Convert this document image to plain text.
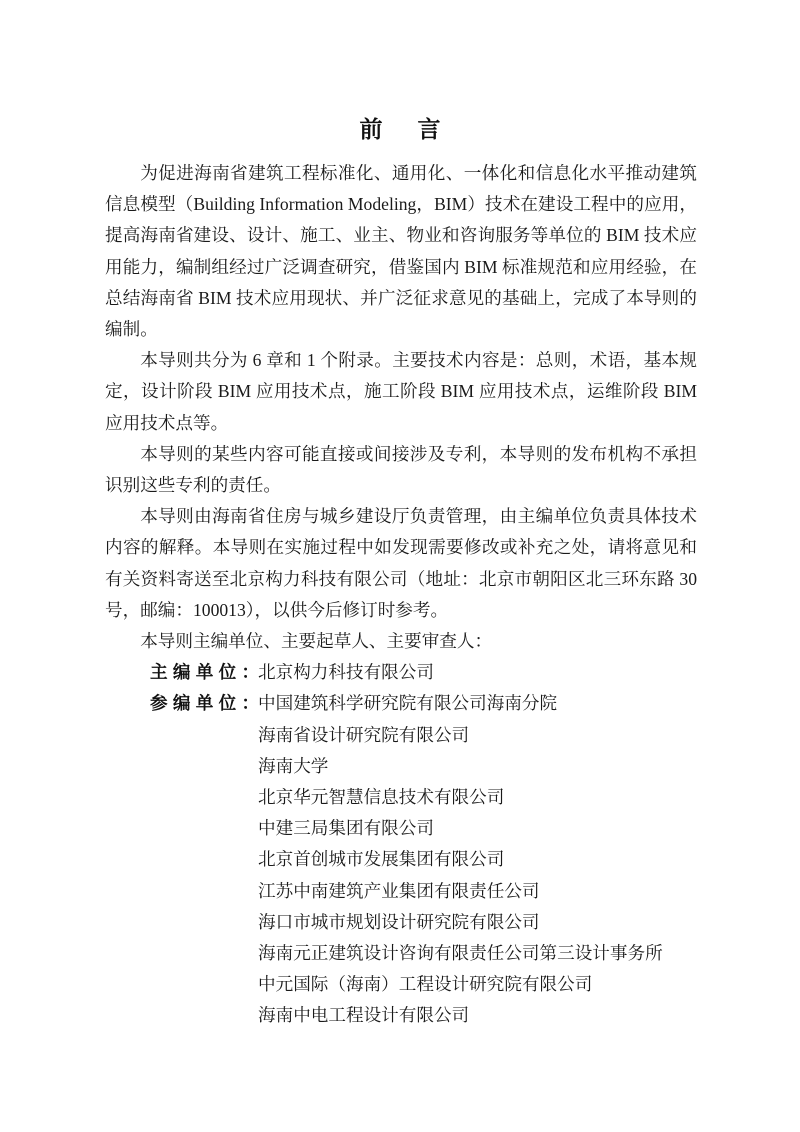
前　言

为促进海南省建筑工程标准化、通用化、一体化和信息化水平推动建筑信息模型（Building Information Modeling，BIM）技术在建设工程中的应用，提高海南省建设、设计、施工、业主、物业和咨询服务等单位的 BIM 技术应用能力，编制组经过广泛调查研究，借鉴国内 BIM 标准规范和应用经验，在总结海南省 BIM 技术应用现状、并广泛征求意见的基础上，完成了本导则的编制。

本导则共分为 6 章和 1 个附录。主要技术内容是：总则，术语，基本规定，设计阶段 BIM 应用技术点，施工阶段 BIM 应用技术点，运维阶段 BIM 应用技术点等。

本导则的某些内容可能直接或间接涉及专利，本导则的发布机构不承担识别这些专利的责任。

本导则由海南省住房与城乡建设厅负责管理，由主编单位负责具体技术内容的解释。本导则在实施过程中如发现需要修改或补充之处，请将意见和有关资料寄送至北京构力科技有限公司（地址：北京市朝阳区北三环东路 30 号，邮编：100013），以供今后修订时参考。

本导则主编单位、主要起草人、主要审查人：

主编单位：
北京构力科技有限公司
参编单位：
中国建筑科学研究院有限公司海南分院
海南省设计研究院有限公司
海南大学
北京华元智慧信息技术有限公司
中建三局集团有限公司
北京首创城市发展集团有限公司
江苏中南建筑产业集团有限责任公司
海口市城市规划设计研究院有限公司
海南元正建筑设计咨询有限责任公司第三设计事务所
中元国际（海南）工程设计研究院有限公司
海南中电工程设计有限公司
